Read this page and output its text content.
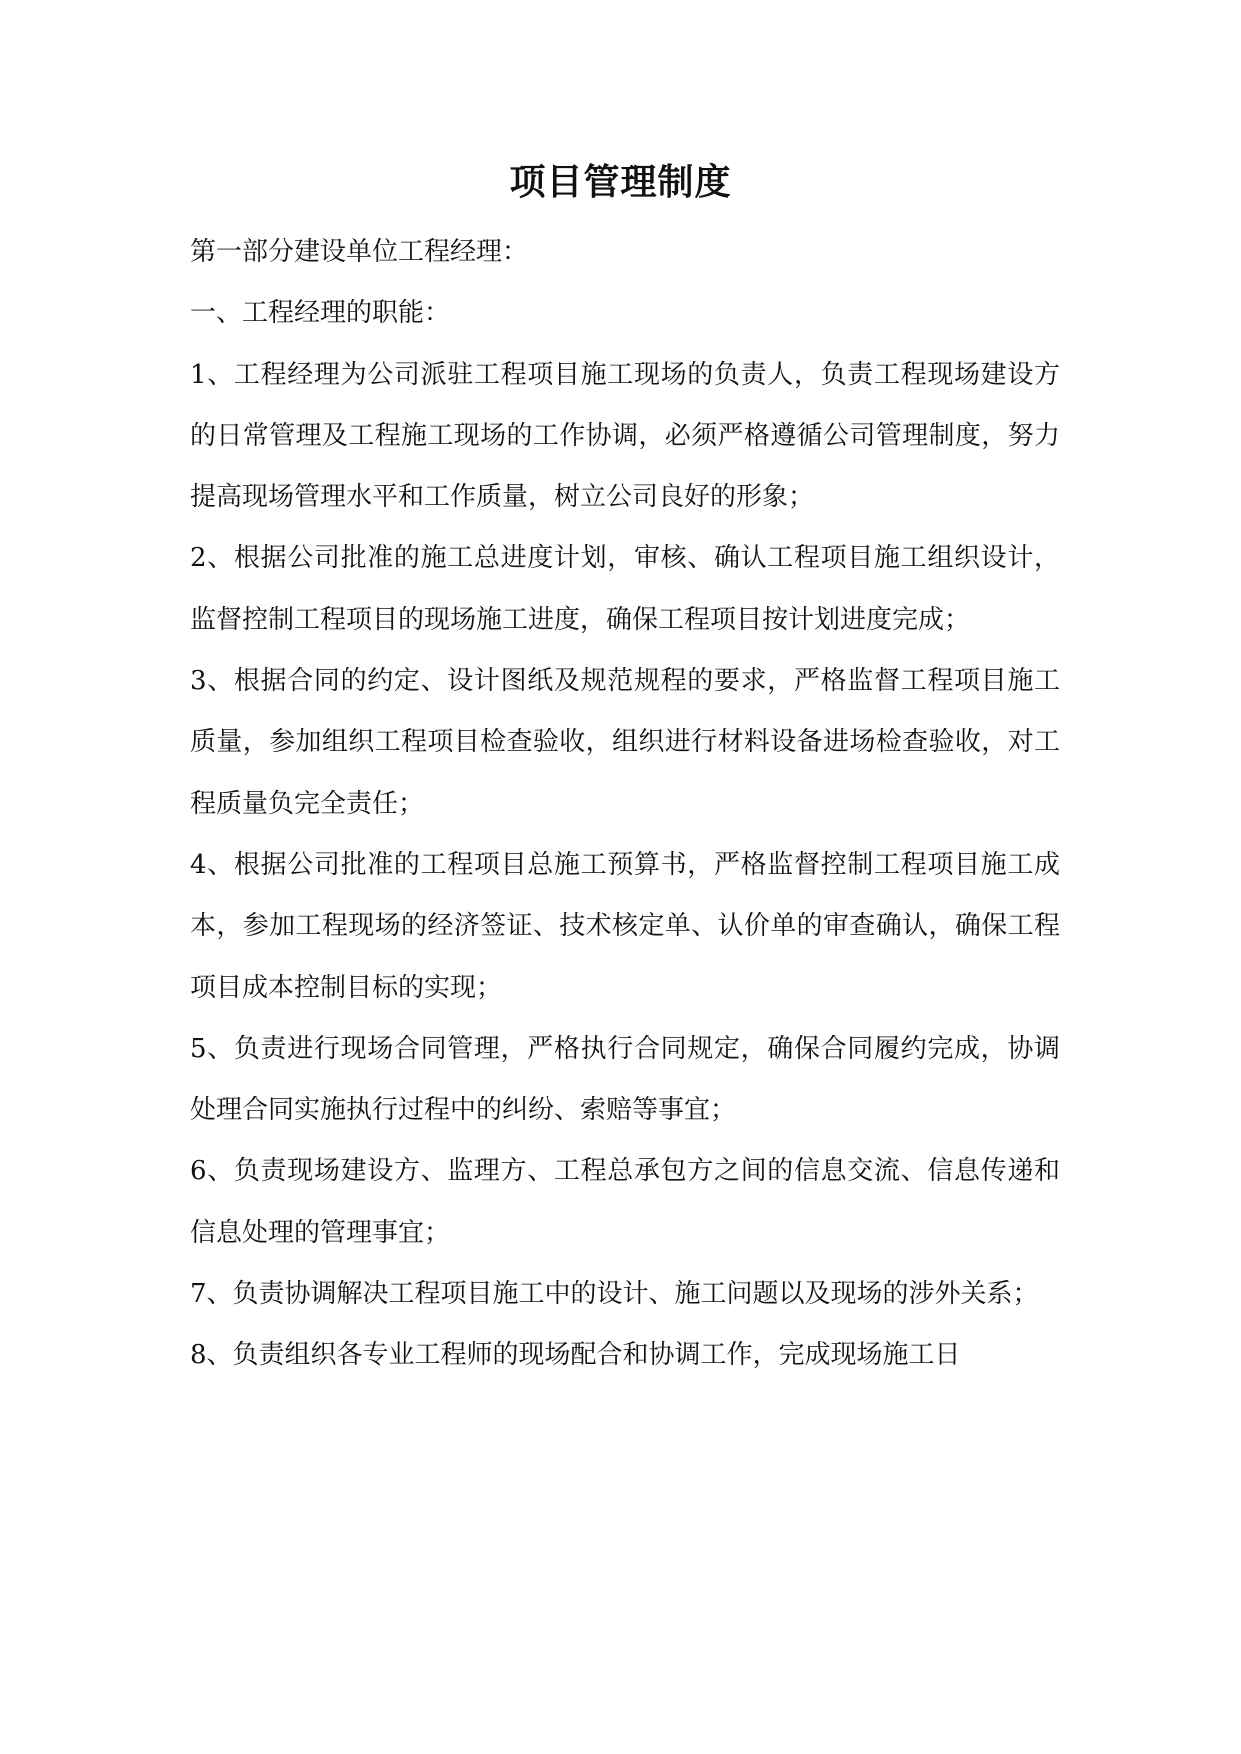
项目管理制度

第一部分建设单位工程经理：

一、工程经理的职能：

1、工程经理为公司派驻工程项目施工现场的负责人，负责工程现场建设方的日常管理及工程施工现场的工作协调，必须严格遵循公司管理制度，努力提高现场管理水平和工作质量，树立公司良好的形象；

2、根据公司批准的施工总进度计划，审核、确认工程项目施工组织设计，监督控制工程项目的现场施工进度，确保工程项目按计划进度完成；

3、根据合同的约定、设计图纸及规范规程的要求，严格监督工程项目施工质量，参加组织工程项目检查验收，组织进行材料设备进场检查验收，对工程质量负完全责任；

4、根据公司批准的工程项目总施工预算书，严格监督控制工程项目施工成本，参加工程现场的经济签证、技术核定单、认价单的审查确认，确保工程项目成本控制目标的实现；

5、负责进行现场合同管理，严格执行合同规定，确保合同履约完成，协调处理合同实施执行过程中的纠纷、索赔等事宜；

6、负责现场建设方、监理方、工程总承包方之间的信息交流、信息传递和信息处理的管理事宜；

7、负责协调解决工程项目施工中的设计、施工问题以及现场的涉外关系；

8、负责组织各专业工程师的现场配合和协调工作，完成现场施工日
